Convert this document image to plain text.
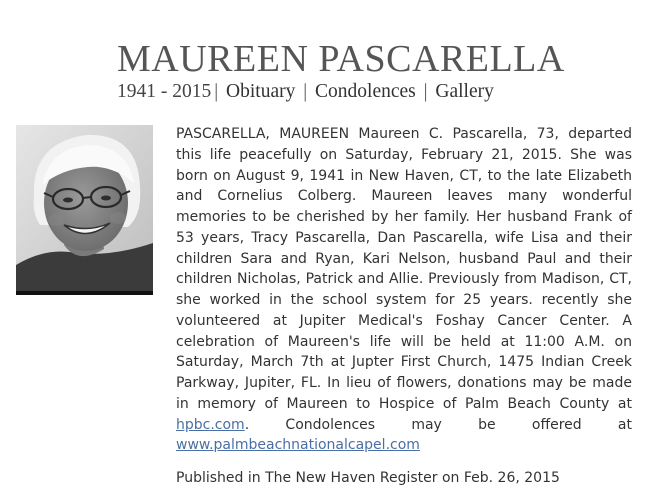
MAUREEN PASCARELLA
1941 - 2015 | Obituary | Condolences | Gallery
PASCARELLA, MAUREEN Maureen C. Pascarella, 73, departed this life peacefully on Saturday, February 21, 2015. She was born on August 9, 1941 in New Haven, CT, to the late Elizabeth and Cornelius Colberg. Maureen leaves many wonderful memories to be cherished by her family. Her husband Frank of 53 years, Tracy Pascarella, Dan Pascarella, wife Lisa and their children Sara and Ryan, Kari Nelson, husband Paul and their children Nicholas, Patrick and Allie. Previously from Madison, CT, she worked in the school system for 25 years. recently she volunteered at Jupiter Medical's Foshay Cancer Center. A celebration of Maureen's life will be held at 11:00 A.M. on Saturday, March 7th at Jupter First Church, 1475 Indian Creek Parkway, Jupiter, FL. In lieu of flowers, donations may be made in memory of Maureen to Hospice of Palm Beach County at hpbc.com. Condolences may be offered at www.palmbeachnationalcapel.com
Published in The New Haven Register on Feb. 26, 2015
